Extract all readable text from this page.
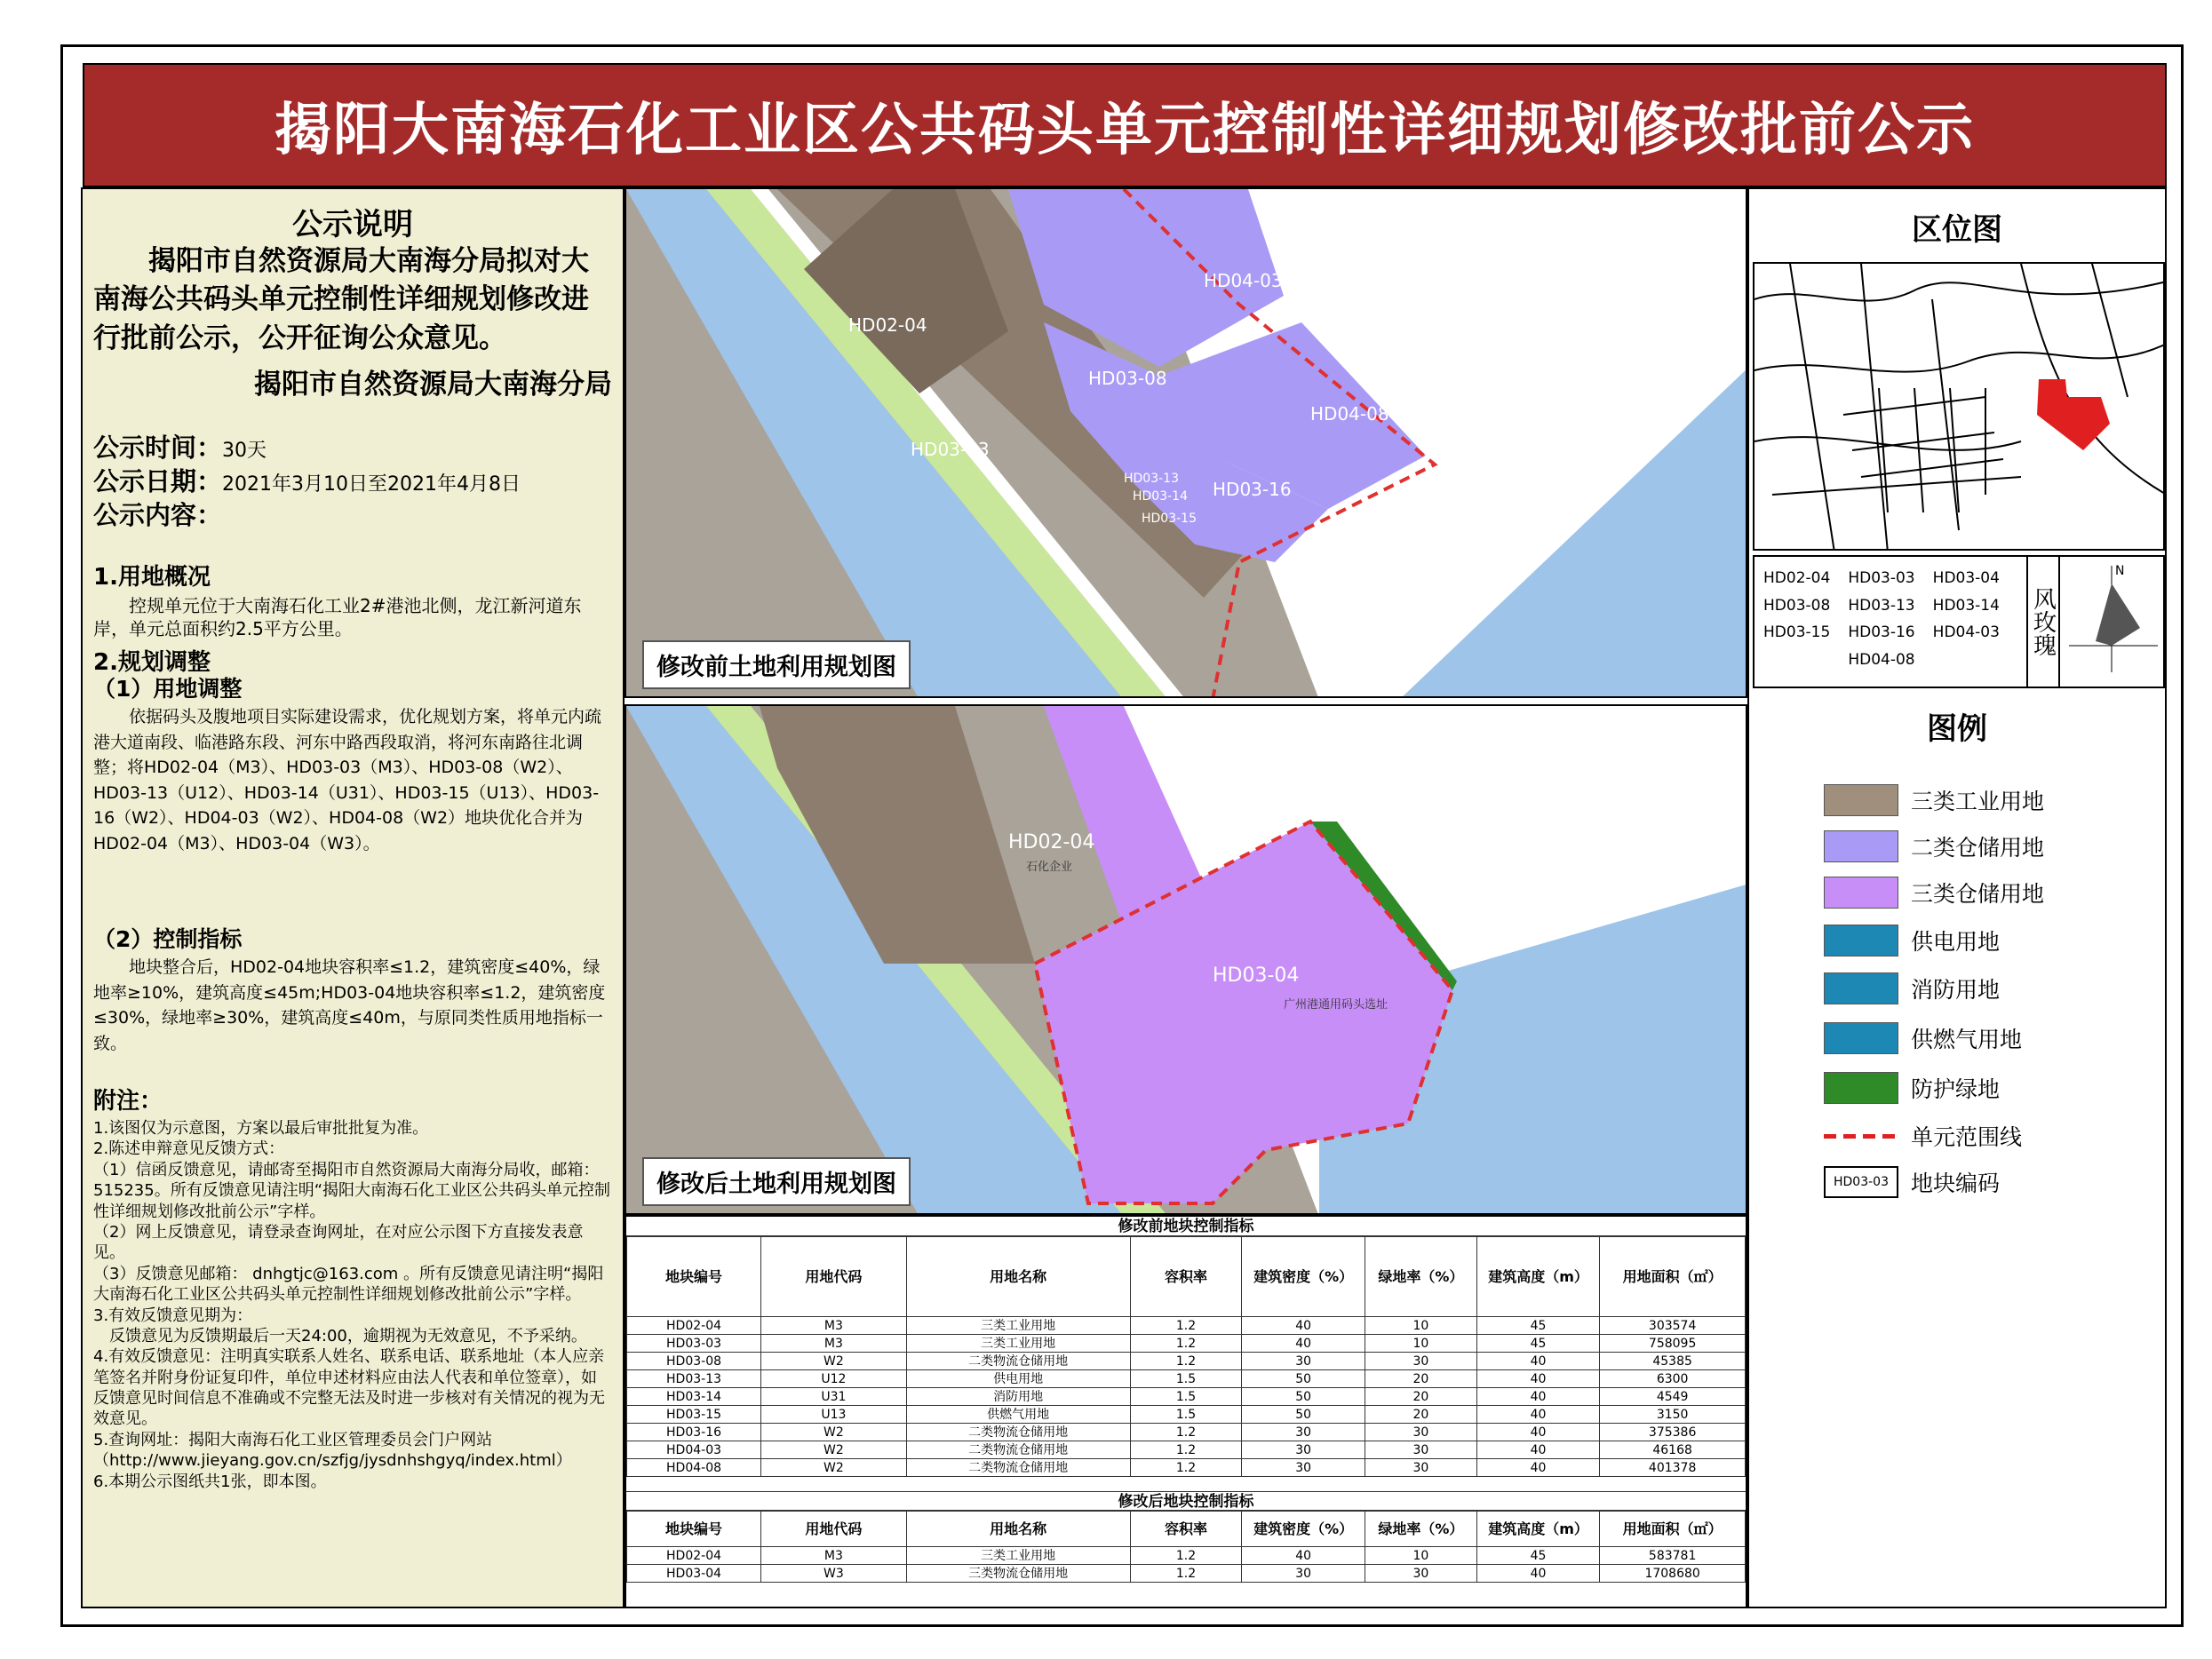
揭阳大南海石化工业区公共码头单元控制性详细规划修改批前公示
公示说明
揭阳市自然资源局大南海分局拟对大南海公共码头单元控制性详细规划修改进行批前公示，公开征询公众意见。
揭阳市自然资源局大南海分局
公示时间：30天
公示日期：2021年3月10日至2021年4月8日
公示内容：
1.用地概况
控规单元位于大南海石化工业2#港池北侧，龙江新河道东岸，单元总面积约2.5平方公里。
2.规划调整
（1）用地调整
依据码头及腹地项目实际建设需求，优化规划方案，将单元内疏港大道南段、临港路东段、河东中路西段取消，将河东南路往北调整；将HD02-04（M3）、HD03-03（M3）、HD03-08（W2）、HD03-13（U12）、HD03-14（U31）、HD03-15（U13）、HD03-16（W2）、HD04-03（W2）、HD04-08（W2）地块优化合并为HD02-04（M3）、HD03-04（W3）。
（2）控制指标
地块整合后，HD02-04地块容积率≤1.2，建筑密度≤40%，绿地率≥10%，建筑高度≤45m;HD03-04地块容积率≤1.2，建筑密度≤30%，绿地率≥30%，建筑高度≤40m，与原同类性质用地指标一致。
附注：
1.该图仅为示意图，方案以最后审批批复为准。
2.陈述申辩意见反馈方式：
（1）信函反馈意见，请邮寄至揭阳市自然资源局大南海分局收，邮箱：515235。所有反馈意见请注明“揭阳大南海石化工业区公共码头单元控制性详细规划修改批前公示”字样。
（2）网上反馈意见，请登录查询网址，在对应公示图下方直接发表意见。
（3）反馈意见邮箱： dnhgtjc@163.com 。所有反馈意见请注明“揭阳大南海石化工业区公共码头单元控制性详细规划修改批前公示”字样。
3.有效反馈意见期为：
反馈意见为反馈期最后一天24:00，逾期视为无效意见，不予采纳。
4.有效反馈意见：注明真实联系人姓名、联系电话、联系地址（本人应亲笔签名并附身份证复印件，单位申述材料应由法人代表和单位签章），如反馈意见时间信息不准确或不完整无法及时进一步核对有关情况的视为无效意见。
5.查询网址：揭阳大南海石化工业区管理委员会门户网站（http://www.jieyang.gov.cn/szfjg/jysdnhshgyq/index.html）
6.本期公示图纸共1张，即本图。
HD02-04
HD03-03
HD03-08
HD04-03
HD04-08
HD03-16
HD03-13
HD03-14
HD03-15
修改前土地利用规划图
HD02-04
HD03-04
广州港通用码头选址
石化企业
修改后土地利用规划图
区位图
HD02-04	HD03-03	HD03-04
HD03-08	HD03-13	HD03-14
HD03-15	HD03-16	HD04-03
HD04-08
风玫瑰
N
图例
三类工业用地
二类仓储用地
三类仓储用地
供电用地
消防用地
供燃气用地
防护绿地
单元范围线
HD03-03	地块编码
修改前地块控制指标
地块编号	用地代码	用地名称	容积率	建筑密度（%）	绿地率（%）	建筑高度（m）	用地面积（㎡）
HD02-04	M3	三类工业用地	1.2	40	10	45	303574
HD03-03	M3	三类工业用地	1.2	40	10	45	758095
HD03-08	W2	二类物流仓储用地	1.2	30	30	40	45385
HD03-13	U12	供电用地	1.5	50	20	40	6300
HD03-14	U31	消防用地	1.5	50	20	40	4549
HD03-15	U13	供燃气用地	1.5	50	20	40	3150
HD03-16	W2	二类物流仓储用地	1.2	30	30	40	375386
HD04-03	W2	二类物流仓储用地	1.2	30	30	40	46168
HD04-08	W2	二类物流仓储用地	1.2	30	30	40	401378
修改后地块控制指标
地块编号	用地代码	用地名称	容积率	建筑密度（%）	绿地率（%）	建筑高度（m）	用地面积（㎡）
HD02-04	M3	三类工业用地	1.2	40	10	45	583781
HD03-04	W3	三类物流仓储用地	1.2	30	30	40	1708680
